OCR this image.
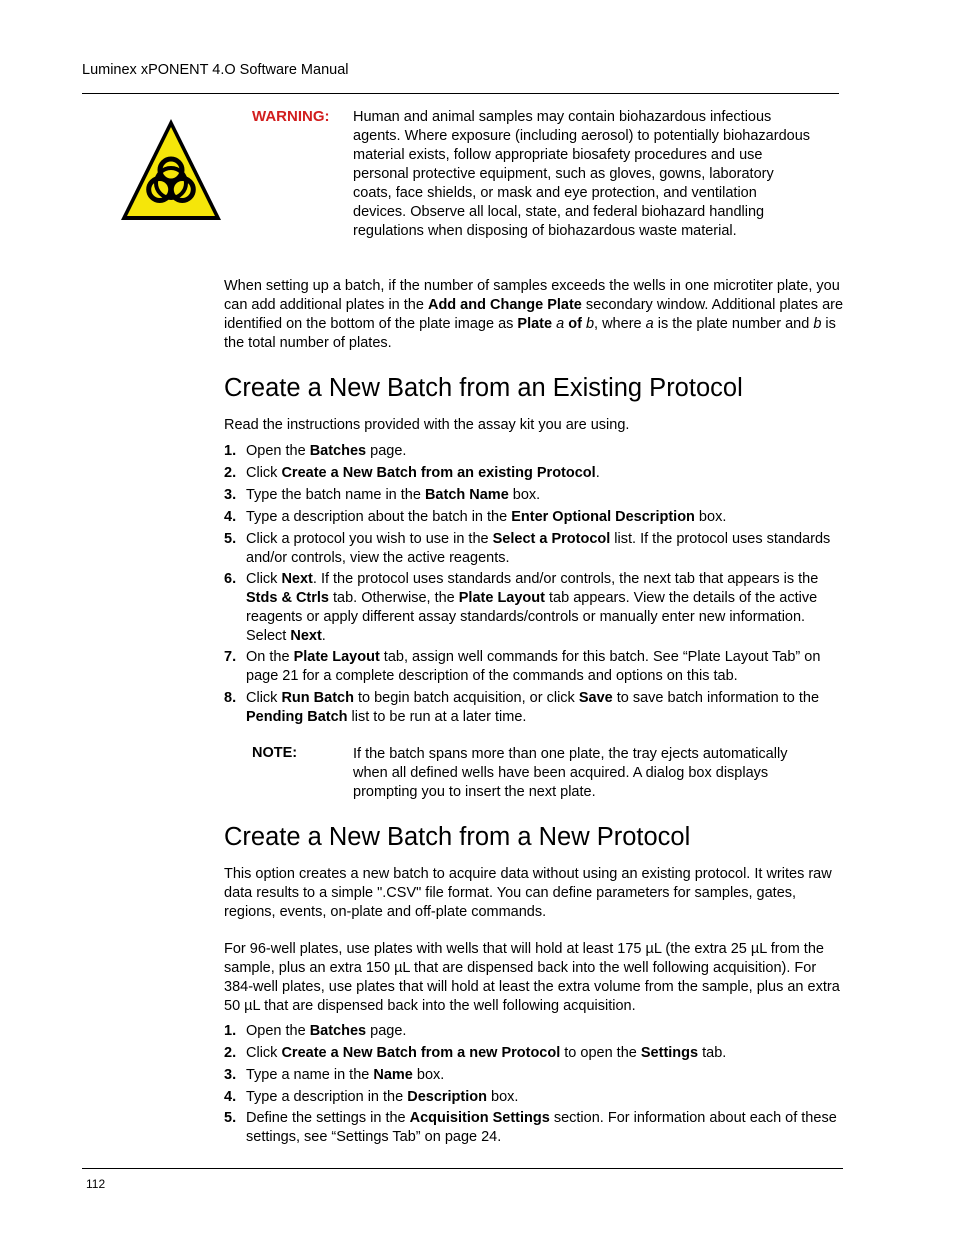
Luminex xPONENT 4.O Software Manual
WARNING: Human and animal samples may contain biohazardous infectious agents. Where exposure (including aerosol) to potentially biohazardous material exists, follow appropriate biosafety procedures and use personal protective equipment, such as gloves, gowns, laboratory coats, face shields, or mask and eye protection, and ventilation devices. Observe all local, state, and federal biohazard handling regulations when disposing of biohazardous waste material.
When setting up a batch, if the number of samples exceeds the wells in one microtiter plate, you can add additional plates in the Add and Change Plate secondary window. Additional plates are identified on the bottom of the plate image as Plate a of b, where a is the plate number and b is the total number of plates.
Create a New Batch from an Existing Protocol
Read the instructions provided with the assay kit you are using.
1. Open the Batches page.
2. Click Create a New Batch from an existing Protocol.
3. Type the batch name in the Batch Name box.
4. Type a description about the batch in the Enter Optional Description box.
5. Click a protocol you wish to use in the Select a Protocol list. If the protocol uses standards and/or controls, view the active reagents.
6. Click Next. If the protocol uses standards and/or controls, the next tab that appears is the Stds & Ctrls tab. Otherwise, the Plate Layout tab appears. View the details of the active reagents or apply different assay standards/controls or manually enter new information. Select Next.
7. On the Plate Layout tab, assign well commands for this batch. See “Plate Layout Tab” on page 21 for a complete description of the commands and options on this tab.
8. Click Run Batch to begin batch acquisition, or click Save to save batch information to the Pending Batch list to be run at a later time.
NOTE:	If the batch spans more than one plate, the tray ejects automatically when all defined wells have been acquired. A dialog box displays prompting you to insert the next plate.
Create a New Batch from a New Protocol
This option creates a new batch to acquire data without using an existing protocol. It writes raw data results to a simple ".CSV" file format. You can define parameters for samples, gates, regions, events, on-plate and off-plate commands.
For 96-well plates, use plates with wells that will hold at least 175 µL (the extra 25 µL from the sample, plus an extra 150 µL that are dispensed back into the well following acquisition). For 384-well plates, use plates that will hold at least the extra volume from the sample, plus an extra 50 µL that are dispensed back into the well following acquisition.
1. Open the Batches page.
2. Click Create a New Batch from a new Protocol to open the Settings tab.
3. Type a name in the Name box.
4. Type a description in the Description box.
5. Define the settings in the Acquisition Settings section. For information about each of these settings, see “Settings Tab” on page 24.
112
